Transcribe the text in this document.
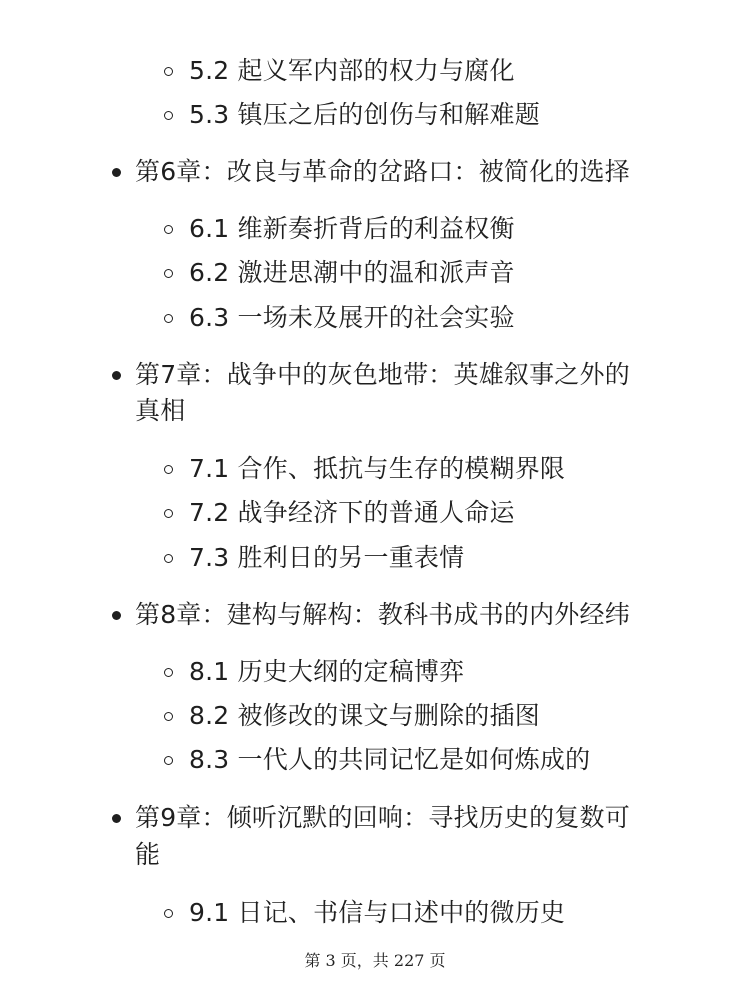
5.2 起义军内部的权力与腐化
5.3 镇压之后的创伤与和解难题
第6章：改良与革命的岔路口：被简化的选择
6.1 维新奏折背后的利益权衡
6.2 激进思潮中的温和派声音
6.3 一场未及展开的社会实验
第7章：战争中的灰色地带：英雄叙事之外的
真相
7.1 合作、抵抗与生存的模糊界限
7.2 战争经济下的普通人命运
7.3 胜利日的另一重表情
第8章：建构与解构：教科书成书的内外经纬
8.1 历史大纲的定稿博弈
8.2 被修改的课文与删除的插图
8.3 一代人的共同记忆是如何炼成的
第9章：倾听沉默的回响：寻找历史的复数可
能
9.1 日记、书信与口述中的微历史
第 3 页，共 227 页
